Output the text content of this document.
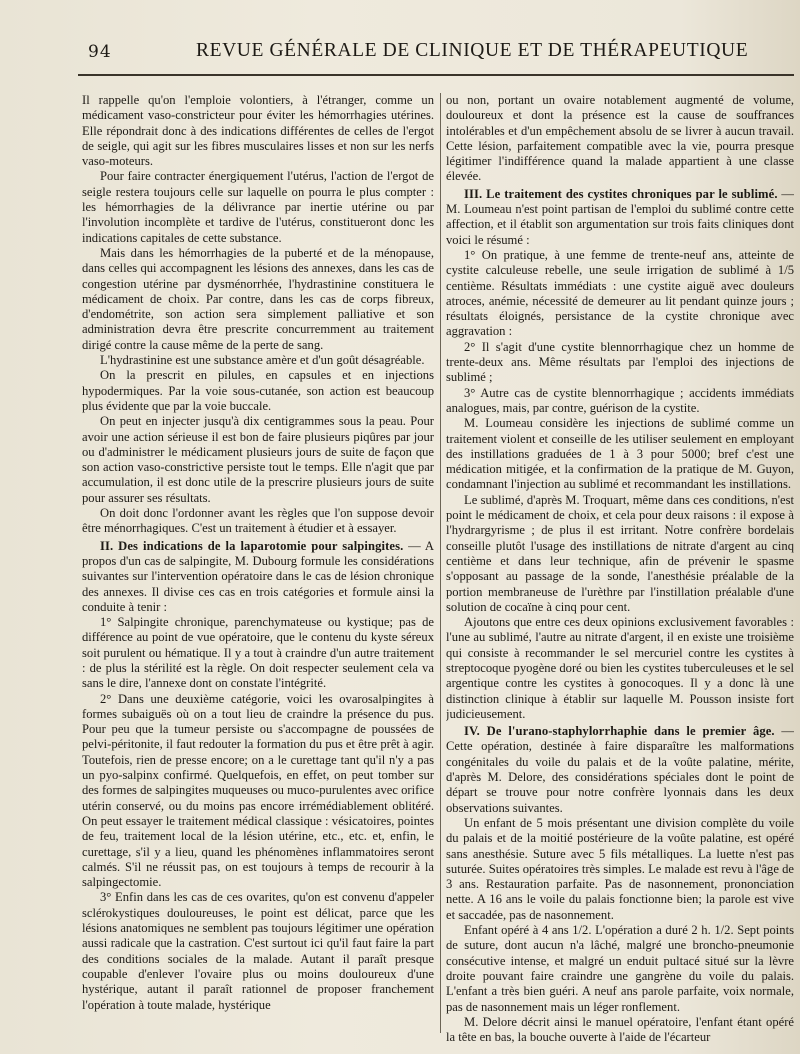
94	REVUE GÉNÉRALE DE CLINIQUE ET DE THÉRAPEUTIQUE

Il rappelle qu'on l'emploie volontiers, à l'étranger, comme un médicament vaso-constricteur pour éviter les hémorrhagies utérines. Elle répondrait donc à des indications différentes de celles de l'ergot de seigle, qui agit sur les fibres musculaires lisses et non sur les nerfs vaso-moteurs.

Pour faire contracter énergiquement l'utérus, l'action de l'ergot de seigle restera toujours celle sur laquelle on pourra le plus compter : les hémorrhagies de la délivrance par inertie utérine ou par l'involution incomplète et tardive de l'utérus, constitueront donc les indications capitales de cette substance.

Mais dans les hémorrhagies de la puberté et de la ménopause, dans celles qui accompagnent les lésions des annexes, dans les cas de congestion utérine par dysménorrhée, l'hydrastinine constituera le médicament de choix. Par contre, dans les cas de corps fibreux, d'endométrite, son action sera simplement palliative et son administration devra être prescrite concurremment au traitement dirigé contre la cause même de la perte de sang.

L'hydrastinine est une substance amère et d'un goût désagréable.

On la prescrit en pilules, en capsules et en injections hypodermiques. Par la voie sous-cutanée, son action est beaucoup plus évidente que par la voie buccale.

On peut en injecter jusqu'à dix centigrammes sous la peau. Pour avoir une action sérieuse il est bon de faire plusieurs piqûres par jour ou d'administrer le médicament plusieurs jours de suite de façon que son action vaso-constrictive persiste tout le temps. Elle n'agit que par accumulation, il est donc utile de la prescrire plusieurs jours de suite pour assurer ses résultats.

On doit donc l'ordonner avant les règles que l'on suppose devoir être ménorrhagiques. C'est un traitement à étudier et à essayer.

II. Des indications de la laparotomie pour salpingites. — A propos d'un cas de salpingite, M. Dubourg formule les considérations suivantes sur l'intervention opératoire dans le cas de lésion chronique des annexes. Il divise ces cas en trois catégories et formule ainsi la conduite à tenir :

1° Salpingite chronique, parenchymateuse ou kystique; pas de différence au point de vue opératoire, que le contenu du kyste séreux soit purulent ou hématique. Il y a tout à craindre d'un autre traitement : de plus la stérilité est la règle. On doit respecter seulement cela va sans le dire, l'annexe dont on constate l'intégrité.

2° Dans une deuxième catégorie, voici les ovarosalpingites à formes subaiguës où on a tout lieu de craindre la présence du pus. Pour peu que la tumeur persiste ou s'accompagne de poussées de pelvi-péritonite, il faut redouter la formation du pus et être prêt à agir. Toutefois, rien de presse encore; on a le curettage tant qu'il n'y a pas un pyo-salpinx confirmé. Quelquefois, en effet, on peut tomber sur des formes de salpingites muqueuses ou muco-purulentes avec orifice utérin conservé, ou du moins pas encore irrémédiablement oblitéré. On peut essayer le traitement médical classique : vésicatoires, pointes de feu, traitement local de la lésion utérine, etc., etc. et, enfin, le curettage, s'il y a lieu, quand les phénomènes inflammatoires seront calmés. S'il ne réussit pas, on est toujours à temps de recourir à la salpingectomie.

3° Enfin dans les cas de ces ovarites, qu'on est convenu d'appeler sclérokystiques douloureuses, le point est délicat, parce que les lésions anatomiques ne semblent pas toujours légitimer une opération aussi radicale que la castration. C'est surtout ici qu'il faut faire la part des conditions sociales de la malade. Autant il paraît presque coupable d'enlever l'ovaire plus ou moins douloureux d'une hystérique, autant il paraît rationnel de proposer franchement l'opération à toute malade, hystérique

ou non, portant un ovaire notablement augmenté de volume, douloureux et dont la présence est la cause de souffrances intolérables et d'un empêchement absolu de se livrer à aucun travail. Cette lésion, parfaitement compatible avec la vie, pourra presque légitimer l'indifférence quand la malade appartient à une classe élevée.

III. Le traitement des cystites chroniques par le sublimé. — M. Loumeau n'est point partisan de l'emploi du sublimé contre cette affection, et il établit son argumentation sur trois faits cliniques dont voici le résumé :

1° On pratique, à une femme de trente-neuf ans, atteinte de cystite calculeuse rebelle, une seule irrigation de sublimé à 1/5 centième. Résultats immédiats : une cystite aiguë avec douleurs atroces, anémie, nécessité de demeurer au lit pendant quinze jours ; résultats éloignés, persistance de la cystite chronique avec aggravation :

2° Il s'agit d'une cystite blennorrhagique chez un homme de trente-deux ans. Même résultats par l'emploi des injections de sublimé ;

3° Autre cas de cystite blennorrhagique ; accidents immédiats analogues, mais, par contre, guérison de la cystite.

M. Loumeau considère les injections de sublimé comme un traitement violent et conseille de les utiliser seulement en employant des instillations graduées de 1 à 3 pour 5000; bref c'est une médication mitigée, et la confirmation de la pratique de M. Guyon, condamnant l'injection au sublimé et recommandant les instillations.

Le sublimé, d'après M. Troquart, même dans ces conditions, n'est point le médicament de choix, et cela pour deux raisons : il expose à l'hydrargyrisme ; de plus il est irritant. Notre confrère bordelais conseille plutôt l'usage des instillations de nitrate d'argent au cinq centième et dans leur technique, afin de prévenir le spasme s'opposant au passage de la sonde, l'anesthésie préalable de la portion membraneuse de l'urèthre par l'instillation préalable d'une solution de cocaïne à cinq pour cent.

Ajoutons que entre ces deux opinions exclusivement favorables : l'une au sublimé, l'autre au nitrate d'argent, il en existe une troisième qui consiste à recommander le sel mercuriel contre les cystites à streptocoque pyogène doré ou bien les cystites tuberculeuses et le sel argentique contre les cystites à gonocoques. Il y a donc là une distinction clinique à établir sur laquelle M. Pousson insiste fort judicieusement.

IV. De l'urano-staphylorrhaphie dans le premier âge. — Cette opération, destinée à faire disparaître les malformations congénitales du voile du palais et de la voûte palatine, mérite, d'après M. Delore, des considérations spéciales dont le point de départ se trouve pour notre confrère lyonnais dans les deux observations suivantes.

Un enfant de 5 mois présentant une division complète du voile du palais et de la moitié postérieure de la voûte palatine, est opéré sans anesthésie. Suture avec 5 fils métalliques. La luette n'est pas suturée. Suites opératoires très simples. Le malade est revu à l'âge de 3 ans. Restauration parfaite. Pas de nasonnement, prononciation nette. A 16 ans le voile du palais fonctionne bien; la parole est vive et saccadée, pas de nasonnement.

Enfant opéré à 4 ans 1/2. L'opération a duré 2 h. 1/2. Sept points de suture, dont aucun n'a lâché, malgré une broncho-pneumonie consécutive intense, et malgré un enduit pultacé situé sur la lèvre droite pouvant faire craindre une gangrène du voile du palais. L'enfant a très bien guéri. A neuf ans parole parfaite, voix normale, pas de nasonnement mais un léger ronflement.

M. Delore décrit ainsi le manuel opératoire, l'enfant étant opéré la tête en bas, la bouche ouverte à l'aide de l'écarteur
